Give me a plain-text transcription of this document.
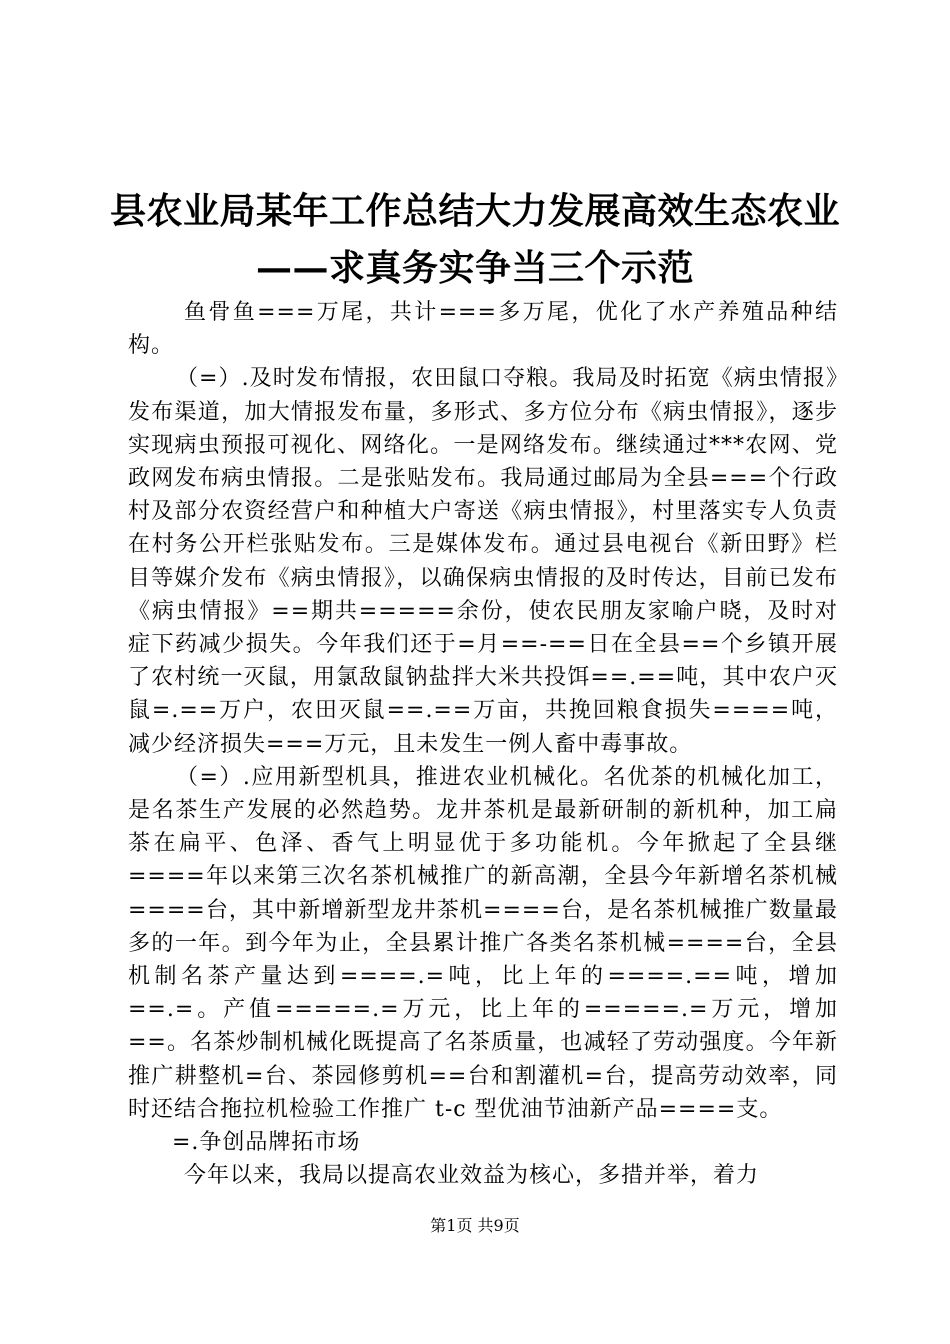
县农业局某年工作总结大力发展高效生态农业
——求真务实争当三个示范

鱼骨鱼===万尾，共计===多万尾，优化了水产养殖品种结构。

（=）.及时发布情报，农田鼠口夺粮。我局及时拓宽《病虫情报》发布渠道，加大情报发布量，多形式、多方位分布《病虫情报》，逐步实现病虫预报可视化、网络化。一是网络发布。继续通过***农网、党政网发布病虫情报。二是张贴发布。我局通过邮局为全县===个行政村及部分农资经营户和种植大户寄送《病虫情报》，村里落实专人负责在村务公开栏张贴发布。三是媒体发布。通过县电视台《新田野》栏目等媒介发布《病虫情报》，以确保病虫情报的及时传达，目前已发布《病虫情报》==期共=====余份，使农民朋友家喻户晓，及时对症下药减少损失。今年我们还于=月==-==日在全县==个乡镇开展了农村统一灭鼠，用氯敌鼠钠盐拌大米共投饵==.==吨，其中农户灭鼠=.==万户，农田灭鼠==.==万亩，共挽回粮食损失====吨，减少经济损失===万元，且未发生一例人畜中毒事故。

（=）.应用新型机具，推进农业机械化。名优茶的机械化加工，是名茶生产发展的必然趋势。龙井茶机是最新研制的新机种，加工扁茶在扁平、色泽、香气上明显优于多功能机。今年掀起了全县继====年以来第三次名茶机械推广的新高潮，全县今年新增名茶机械====台，其中新增新型龙井茶机====台，是名茶机械推广数量最多的一年。到今年为止，全县累计推广各类名茶机械====台，全县机制名茶产量达到====.=吨，比上年的====.==吨，增加==.=。产值=====.=万元，比上年的=====.=万元，增加==。名茶炒制机械化既提高了名茶质量，也减轻了劳动强度。今年新推广耕整机=台、茶园修剪机==台和割灌机=台，提高劳动效率，同时还结合拖拉机检验工作推广 t-c 型优油节油新产品====支。

=.争创品牌拓市场

今年以来，我局以提高农业效益为核心，多措并举，着力

第1页 共9页
